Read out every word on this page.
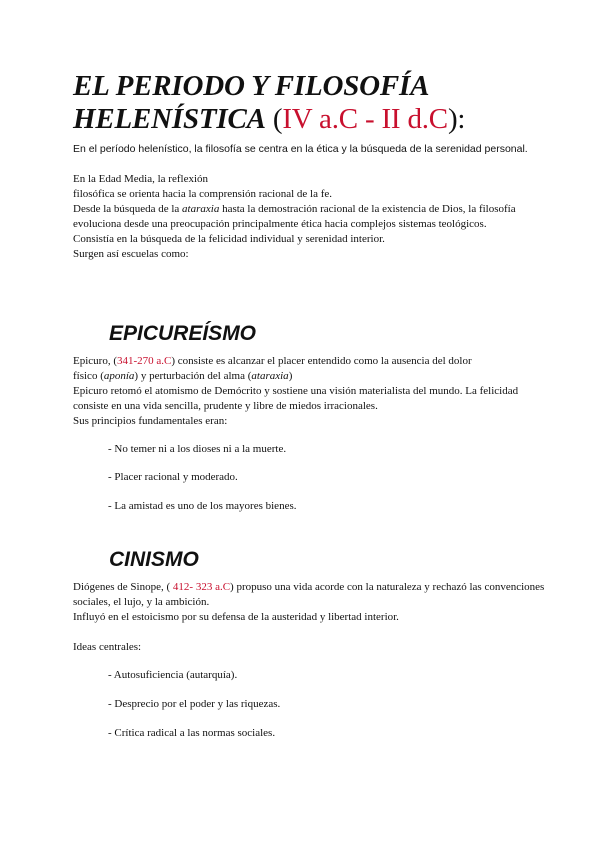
EL PERIODO Y FILOSOFÍA HELENÍSTICA (IV a.C - II d.C):
En el período helenístico, la filosofía se centra en la ética y la búsqueda de la serenidad personal.
En la Edad Media, la reflexión
filosófica se orienta hacia la comprensión racional de la fe.
Desde la búsqueda de la ataraxia hasta la demostración racional de la existencia de Dios, la filosofía evoluciona desde una preocupación principalmente ética hacia complejos sistemas teológicos.
Consistía en la búsqueda de la felicidad individual y serenidad interior.
Surgen así escuelas como:
EPICUREÍSMO
Epicuro, (341-270 a.C) consiste es alcanzar el placer entendido como la ausencia del dolor
físico (aponía) y perturbación del alma (ataraxia)
Epicuro retomó el atomismo de Demócrito y sostiene una visión materialista del mundo. La felicidad consiste en una vida sencilla, prudente y libre de miedos irracionales.
Sus principios fundamentales eran:
- No temer ni a los dioses ni a la muerte.
- Placer racional y moderado.
- La amistad es uno de los mayores bienes.
CINISMO
Diógenes de Sinope, ( 412- 323 a.C) propuso una vida acorde con la naturaleza y rechazó las convenciones sociales, el lujo, y la ambición.
Influyó en el estoicismo por su defensa de la austeridad y libertad interior.
Ideas centrales:
- Autosuficiencia (autarquía).
- Desprecio por el poder y las riquezas.
- Crítica radical a las normas sociales.
